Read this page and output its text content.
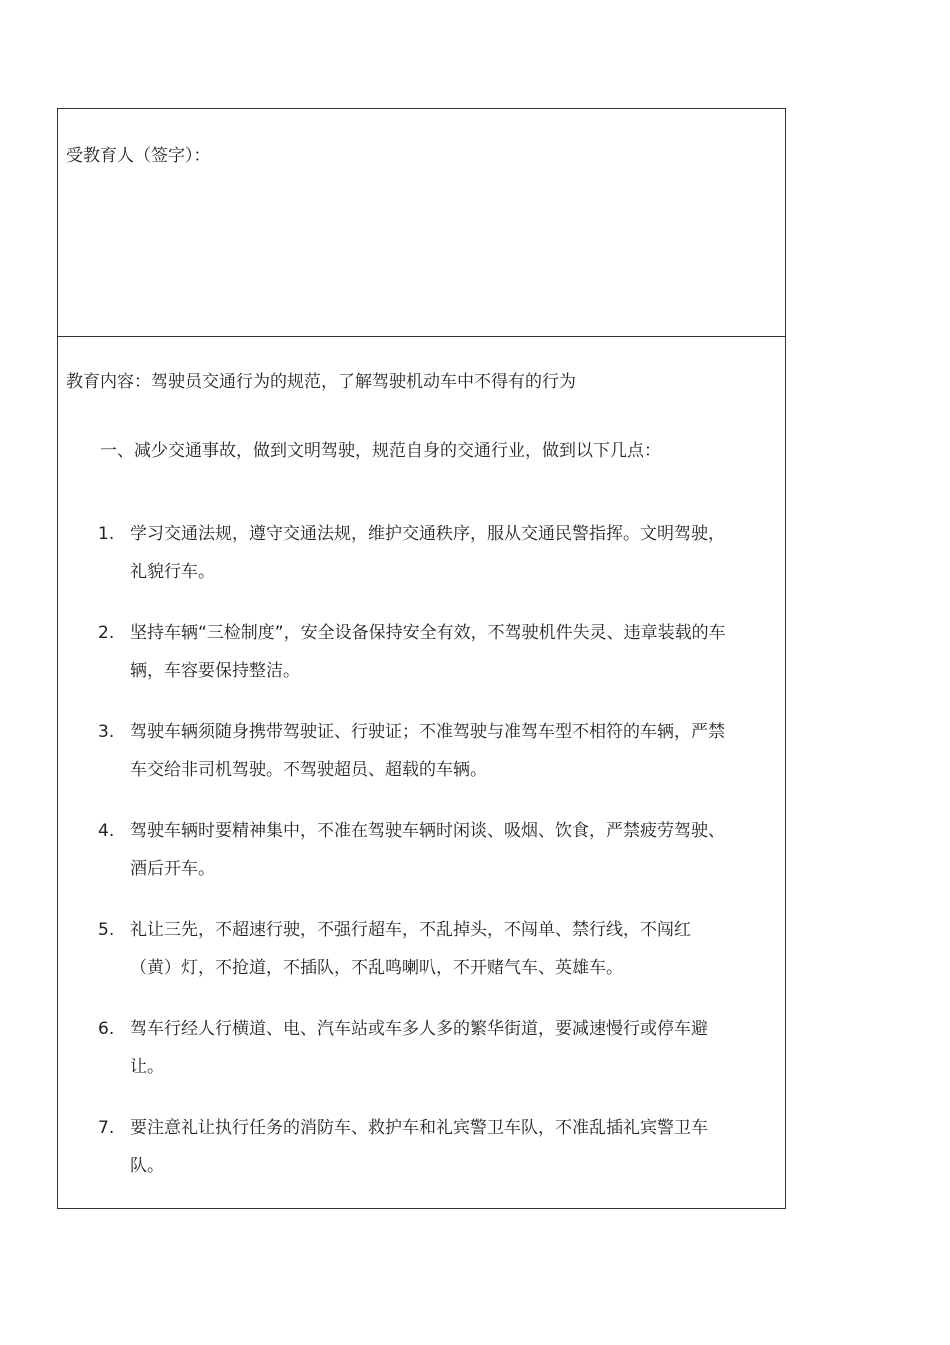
受教育人（签字）：
教育内容：驾驶员交通行为的规范，了解驾驶机动车中不得有的行为
一、减少交通事故，做到文明驾驶，规范自身的交通行业，做到以下几点：
1. 学习交通法规，遵守交通法规，维护交通秩序，服从交通民警指挥。文明驾驶，礼貌行车。
2. 坚持车辆“三检制度”，安全设备保持安全有效，不驾驶机件失灵、违章装载的车辆，车容要保持整洁。
3. 驾驶车辆须随身携带驾驶证、行驶证；不准驾驶与准驾车型不相符的车辆，严禁车交给非司机驾驶。不驾驶超员、超载的车辆。
4. 驾驶车辆时要精神集中，不准在驾驶车辆时闲谈、吸烟、饮食，严禁疲劳驾驶、酒后开车。
5. 礼让三先，不超速行驶，不强行超车，不乱掉头，不闯单、禁行线，不闯红（黄）灯，不抢道，不插队，不乱鸣喇叭，不开赌气车、英雄车。
6. 驾车行经人行横道、电、汽车站或车多人多的繁华街道，要减速慢行或停车避让。
7. 要注意礼让执行任务的消防车、救护车和礼宾警卫车队，不准乱插礼宾警卫车队。
